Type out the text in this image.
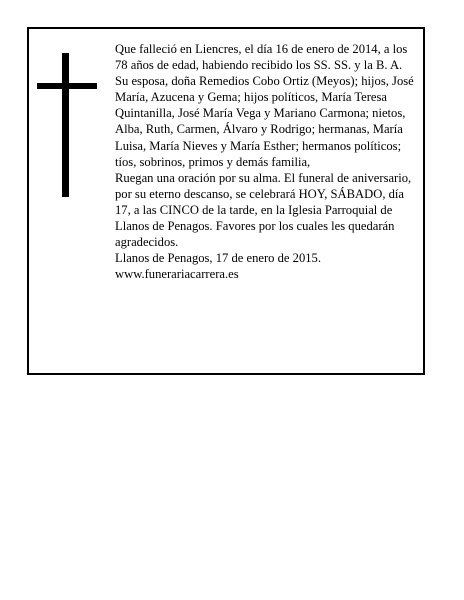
Que falleció en Liencres, el día 16 de enero de 2014, a los 78 años de edad, habiendo recibido los SS. SS. y la B. A.

Su esposa, doña Remedios Cobo Ortiz (Meyos); hijos, José María, Azucena y Gema; hijos políticos, María Teresa Quintanilla, José María Vega y Mariano Carmona; nietos, Alba, Ruth, Carmen, Álvaro y Rodrigo; hermanas, María Luisa, María Nieves y María Esther; hermanos políticos; tíos, sobrinos, primos y demás familia,

Ruegan una oración por su alma. El funeral de aniversario, por su eterno descanso, se celebrará HOY, SÁBADO, día 17, a las CINCO de la tarde, en la Iglesia Parroquial de Llanos de Penagos. Favores por los cuales les quedarán agradecidos.

Llanos de Penagos, 17 de enero de 2015.

www.funerariacarrera.es
